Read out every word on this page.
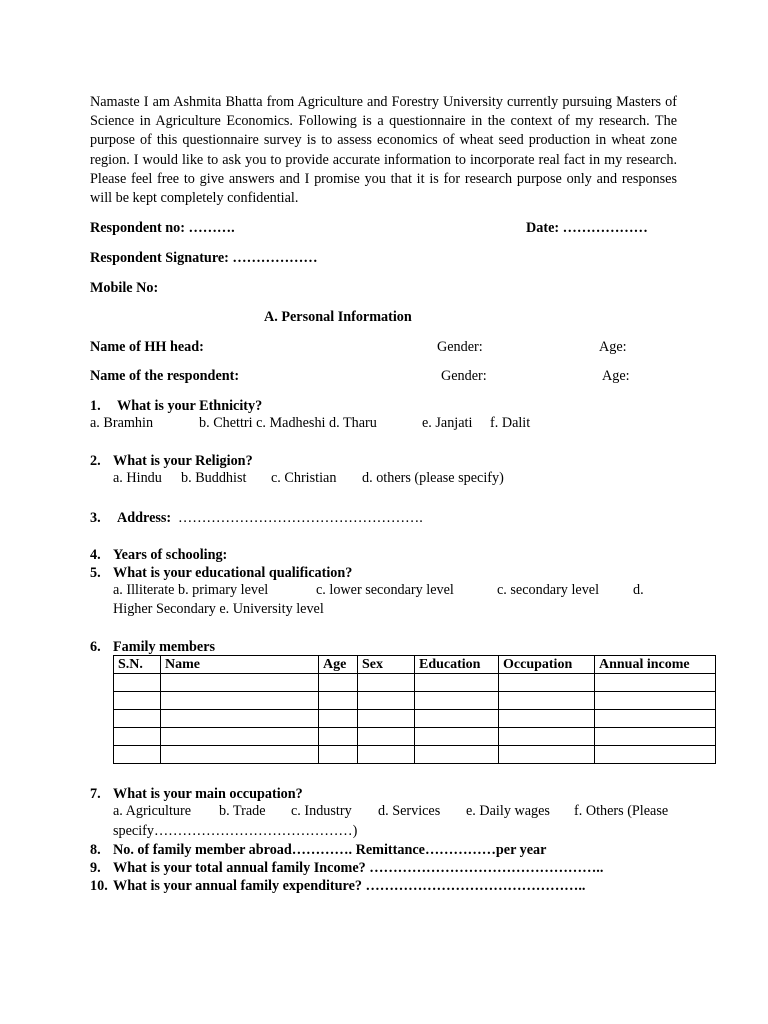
Namaste I am Ashmita Bhatta from Agriculture and Forestry University currently pursuing Masters of Science in Agriculture Economics. Following is a questionnaire in the context of my research. The purpose of this questionnaire survey is to assess economics of wheat seed production in wheat zone region. I would like to ask you to provide accurate information to incorporate real fact in my research. Please feel free to give answers and I promise you that it is for research purpose only and responses will be kept completely confidential.
Respondent no: ……….	Date: ………………
Respondent Signature: ………………
Mobile No:
A. Personal Information
Name of HH head:	Gender:	Age:
Name of the respondent:	Gender:	Age:
1. What is your Ethnicity?
a. Bramhin	b. Chettri c. Madheshi d. Tharu	e. Janjati f. Dalit
2. What is your Religion?
a. Hindu b. Buddhist c. Christian d. others (please specify)
3. Address: …………………………………………….
4. Years of schooling:
5. What is your educational qualification?
a. Illiterate b. primary level	c. lower secondary level	c. secondary level d.
Higher Secondary e. University level
6. Family members
S.N.	Name	Age	Sex	Education	Occupation	Annual income

7. What is your main occupation?
a. Agriculture b. Trade c. Industry d. Services e. Daily wages f. Others (Please
specify……………………………………)
8. No. of family member abroad…………. Remittance……………per year
9. What is your total annual family Income? …………………………………………..
10. What is your annual family expenditure? ………………………………………..
